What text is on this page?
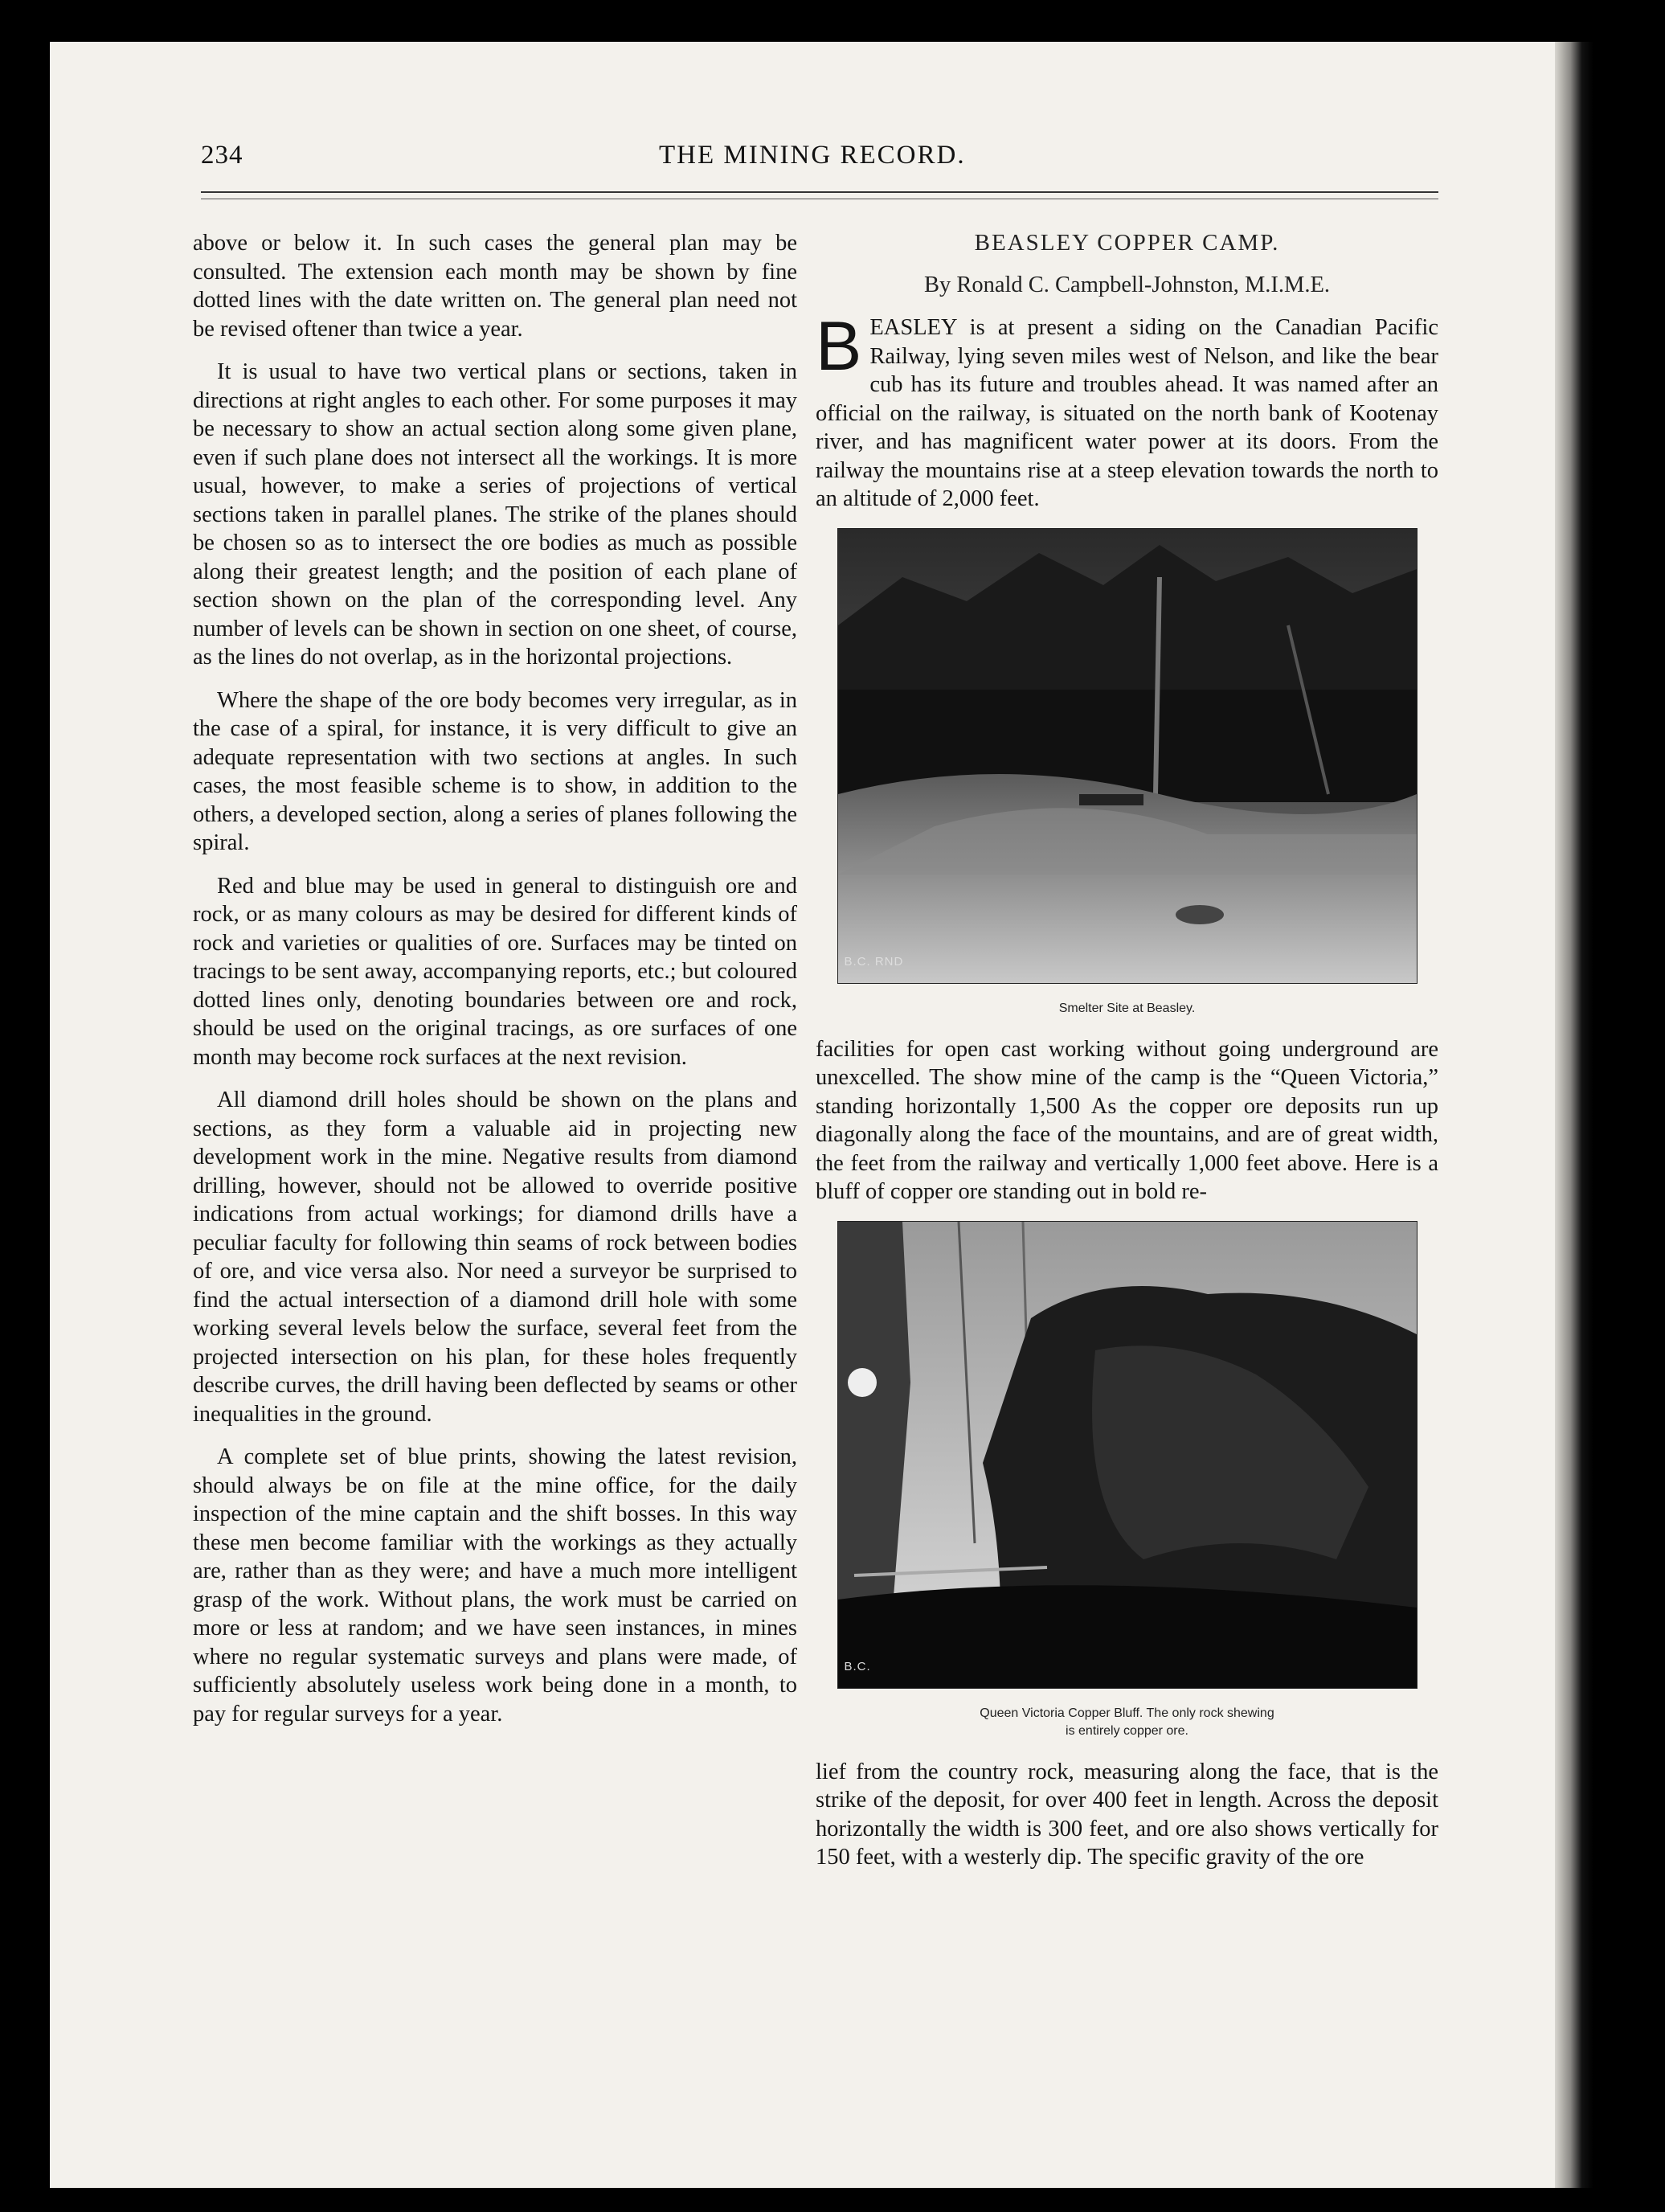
234	THE MINING RECORD.

above or below it. In such cases the general plan may be consulted. The extension each month may be shown by fine dotted lines with the date written on. The general plan need not be revised oftener than twice a year.

It is usual to have two vertical plans or sections, taken in directions at right angles to each other. For some purposes it may be necessary to show an actual section along some given plane, even if such plane does not intersect all the workings. It is more usual, however, to make a series of projections of vertical sections taken in parallel planes. The strike of the planes should be chosen so as to intersect the ore bodies as much as possible along their greatest length; and the position of each plane of section shown on the plan of the corresponding level. Any number of levels can be shown in section on one sheet, of course, as the lines do not overlap, as in the horizontal projections.

Where the shape of the ore body becomes very irregular, as in the case of a spiral, for instance, it is very difficult to give an adequate representation with two sections at angles. In such cases, the most feasible scheme is to show, in addition to the others, a developed section, along a series of planes following the spiral.

Red and blue may be used in general to distinguish ore and rock, or as many colours as may be desired for different kinds of rock and varieties or qualities of ore. Surfaces may be tinted on tracings to be sent away, accompanying reports, etc.; but coloured dotted lines only, denoting boundaries between ore and rock, should be used on the original tracings, as ore surfaces of one month may become rock surfaces at the next revision.

All diamond drill holes should be shown on the plans and sections, as they form a valuable aid in projecting new development work in the mine. Negative results from diamond drilling, however, should not be allowed to override positive indications from actual workings; for diamond drills have a peculiar faculty for following thin seams of rock between bodies of ore, and vice versa also. Nor need a surveyor be surprised to find the actual intersection of a diamond drill hole with some working several levels below the surface, several feet from the projected intersection on his plan, for these holes frequently describe curves, the drill having been deflected by seams or other inequalities in the ground.

A complete set of blue prints, showing the latest revision, should always be on file at the mine office, for the daily inspection of the mine captain and the shift bosses. In this way these men become familiar with the workings as they actually are, rather than as they were; and have a much more intelligent grasp of the work. Without plans, the work must be carried on more or less at random; and we have seen instances, in mines where no regular systematic surveys and plans were made, of sufficiently absolutely useless work being done in a month, to pay for regular surveys for a year.

BEASLEY COPPER CAMP.
By Ronald C. Campbell-Johnston, M.I.M.E.

BEASLEY is at present a siding on the Canadian Pacific Railway, lying seven miles west of Nelson, and like the bear cub has its future and troubles ahead. It was named after an official on the railway, is situated on the north bank of Kootenay river, and has magnificent water power at its doors. From the railway the mountains rise at a steep elevation towards the north to an altitude of 2,000 feet.

B.C. RND
Smelter Site at Beasley.

facilities for open cast working without going underground are unexcelled. The show mine of the camp is the “Queen Victoria,” standing horizontally 1,500 As the copper ore deposits run up diagonally along the face of the mountains, and are of great width, the feet from the railway and vertically 1,000 feet above. Here is a bluff of copper ore standing out in bold re-

B.C.
Queen Victoria Copper Bluff. The only rock shewing
is entirely copper ore.

lief from the country rock, measuring along the face, that is the strike of the deposit, for over 400 feet in length. Across the deposit horizontally the width is 300 feet, and ore also shows vertically for 150 feet, with a westerly dip. The specific gravity of the ore
